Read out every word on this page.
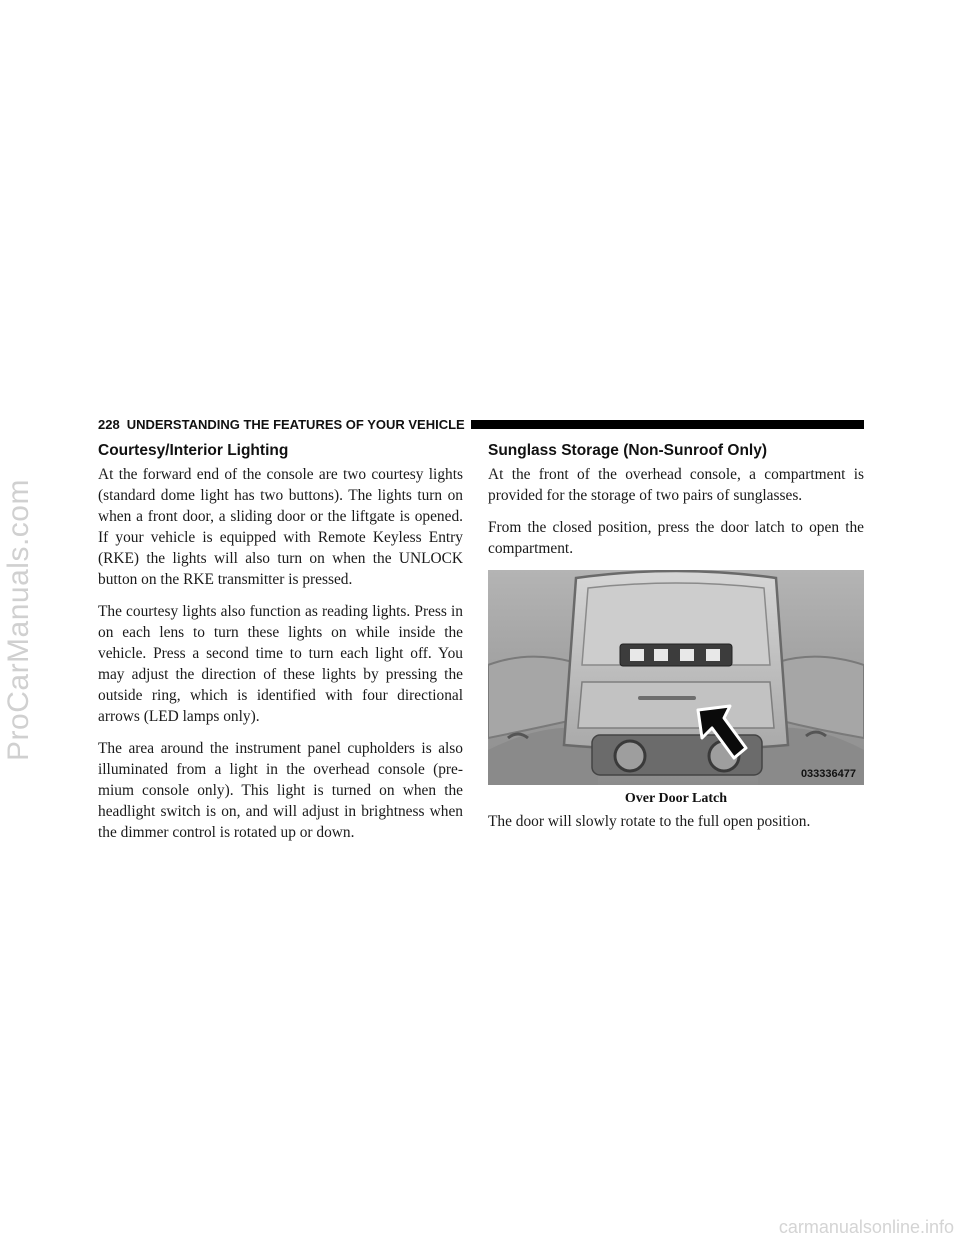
ProCarManuals.com
228 UNDERSTANDING THE FEATURES OF YOUR VEHICLE
Courtesy/Interior Lighting

At the forward end of the console are two courtesy lights (standard dome light has two buttons). The lights turn on when a front door, a sliding door or the liftgate is opened. If your vehicle is equipped with Remote Keyless Entry (RKE) the lights will also turn on when the UNLOCK button on the RKE transmitter is pressed.

The courtesy lights also function as reading lights. Press in on each lens to turn these lights on while inside the vehicle. Press a second time to turn each light off. You may adjust the direction of these lights by pressing the outside ring, which is identified with four directional arrows (LED lamps only).

The area around the instrument panel cupholders is also illuminated from a light in the overhead console (pre-mium console only). This light is turned on when the headlight switch is on, and will adjust in brightness when the dimmer control is rotated up or down.

Sunglass Storage (Non-Sunroof Only)

At the front of the overhead console, a compartment is provided for the storage of two pairs of sunglasses.

From the closed position, press the door latch to open the compartment.

033336477
Over Door Latch

The door will slowly rotate to the full open position.

carmanualsonline.info
